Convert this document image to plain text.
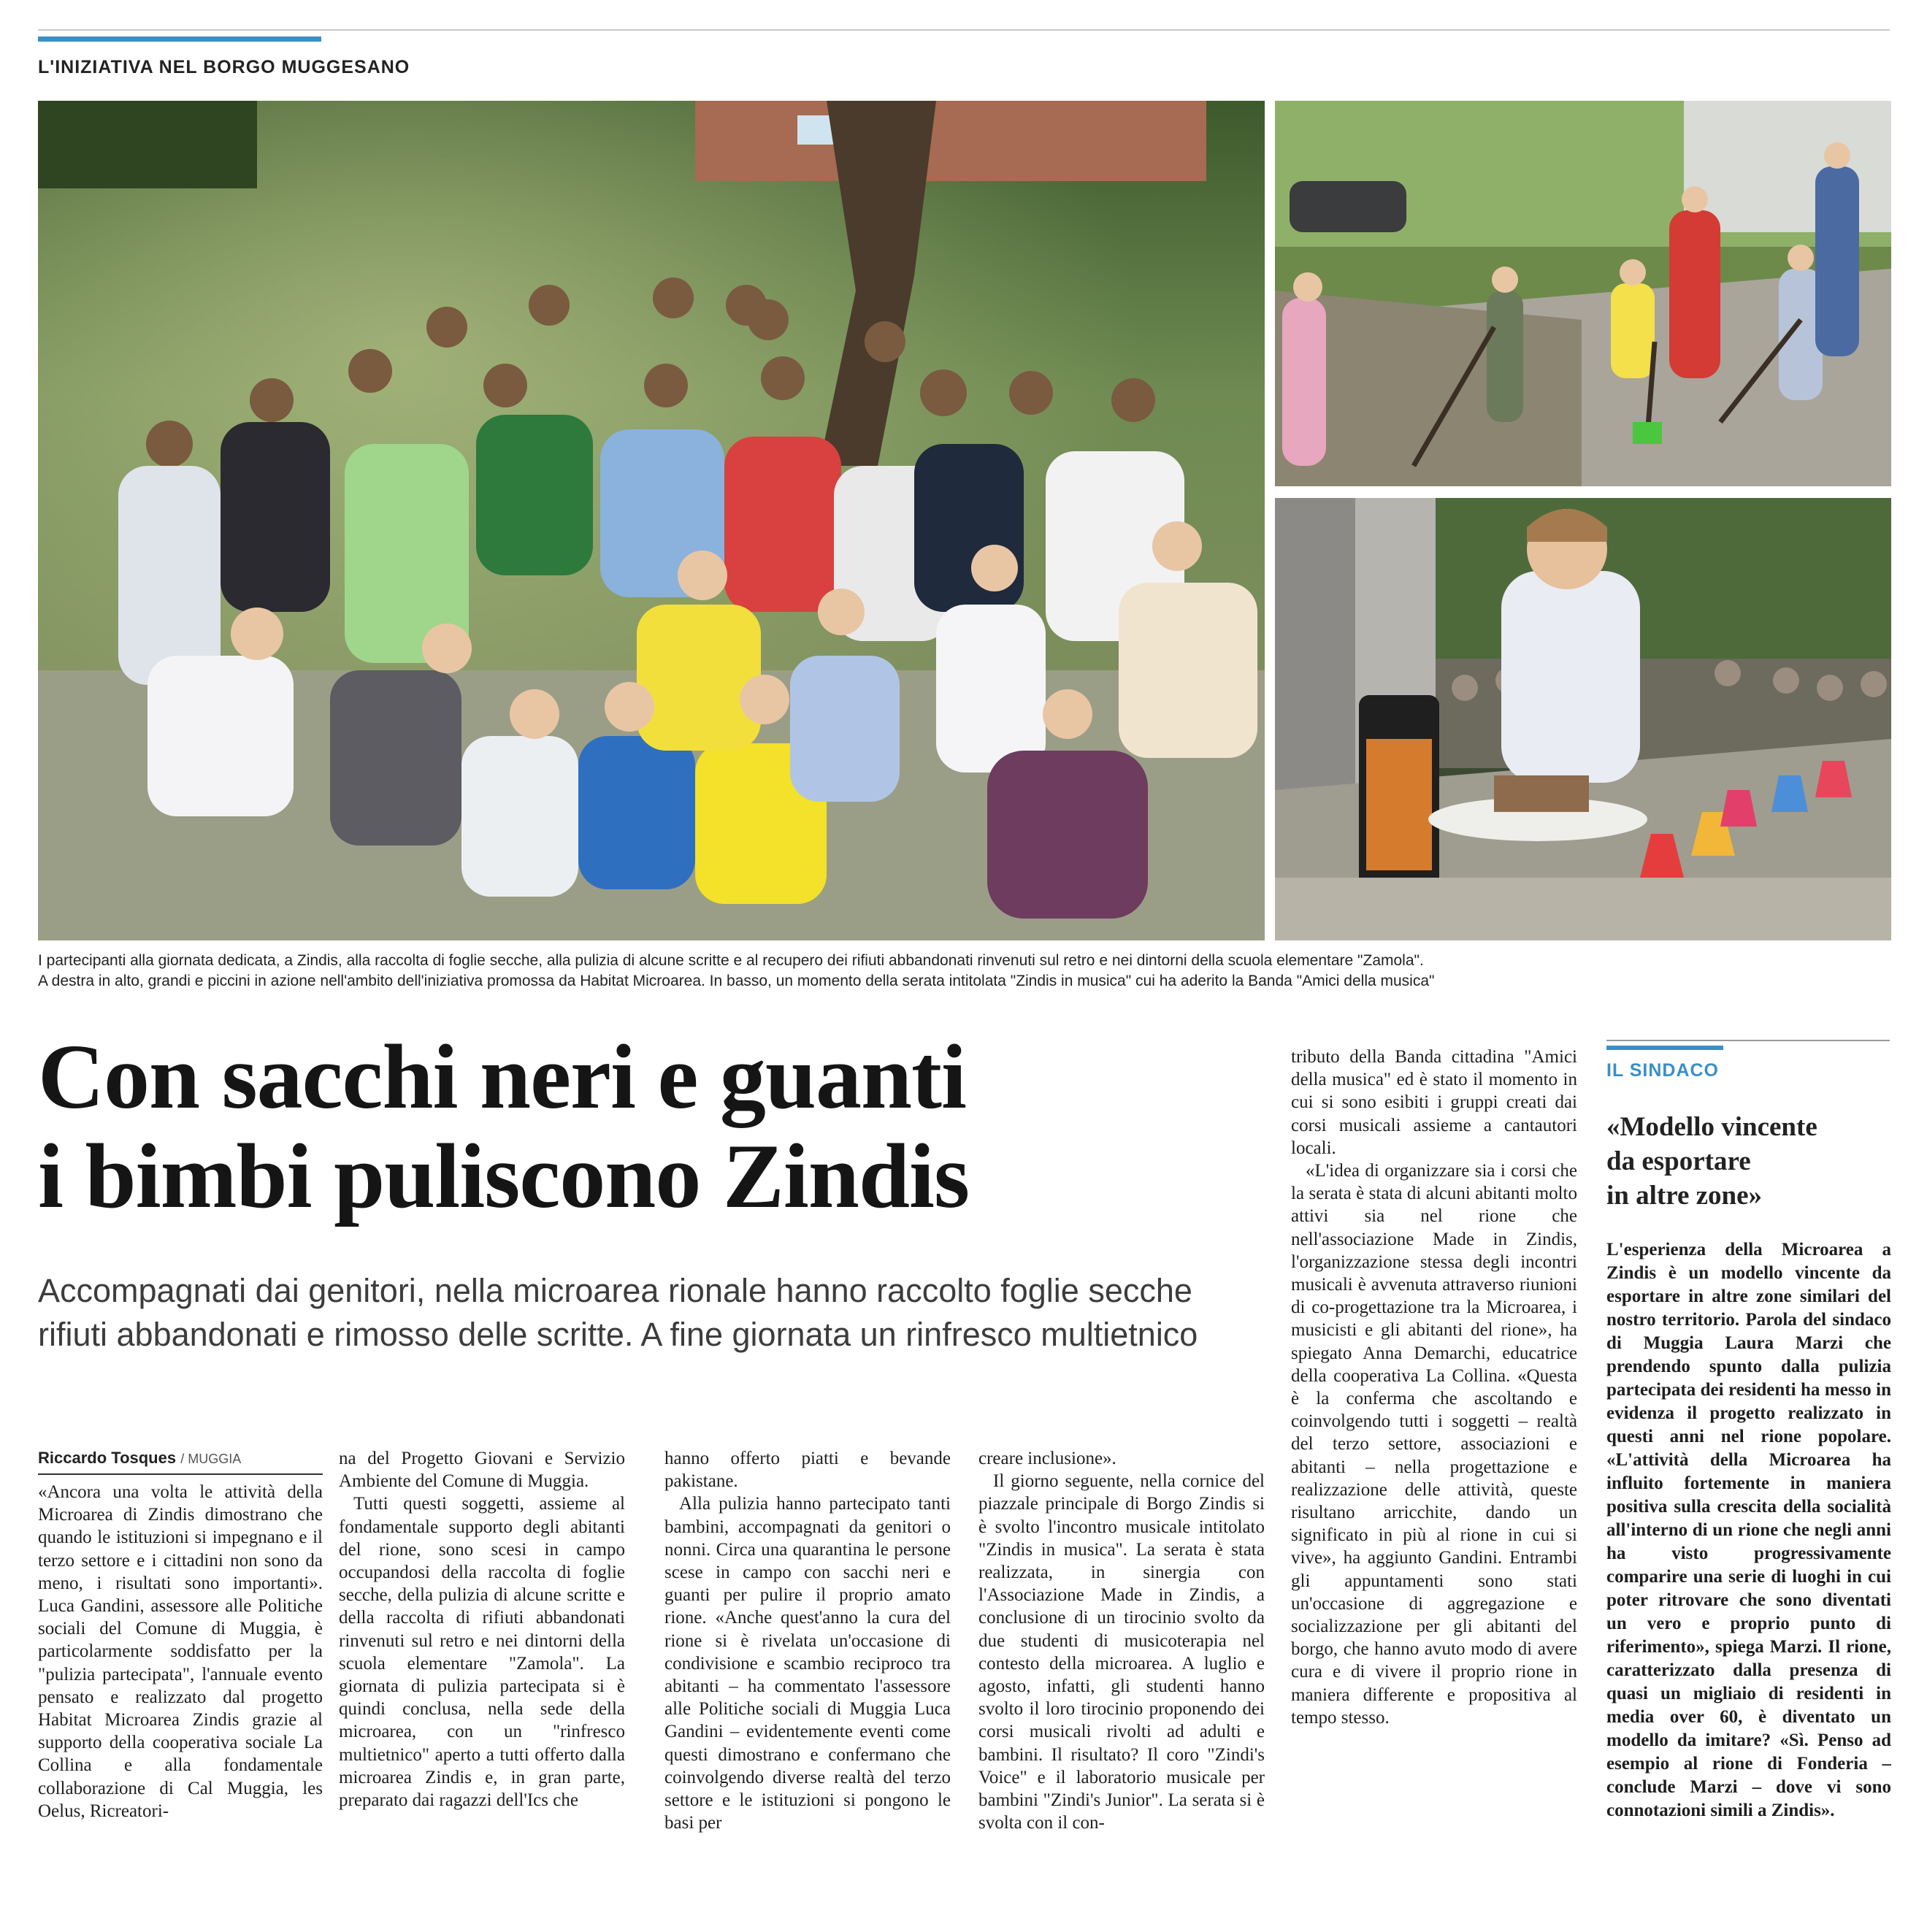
L'INIZIATIVA NEL BORGO MUGGESANO

I partecipanti alla giornata dedicata, a Zindis, alla raccolta di foglie secche, alla pulizia di alcune scritte e al recupero dei rifiuti abbandonati rinvenuti sul retro e nei dintorni della scuola elementare "Zamola".

A destra in alto, grandi e piccini in azione nell'ambito dell'iniziativa promossa da Habitat Microarea. In basso, un momento della serata intitolata "Zindis in musica" cui ha aderito la Banda "Amici della musica"

Con sacchi neri e guanti
i bimbi puliscono Zindis
Accompagnati dai genitori, nella microarea rionale hanno raccolto foglie secche
rifiuti abbandonati e rimosso delle scritte. A fine giornata un rinfresco multietnico
Riccardo Tosques / MUGGIA

«Ancora una volta le attività della Microarea di Zindis dimostrano che quando le istituzioni si impegnano e il terzo settore e i cittadini non sono da meno, i risultati sono importanti». Luca Gandini, assessore alle Politiche sociali del Comune di Muggia, è particolarmente soddisfatto per la "pulizia partecipata", l'annuale evento pensato e realizzato dal progetto Habitat Microarea Zindis grazie al supporto della cooperativa sociale La Collina e alla fondamentale collaborazione di Cal Muggia, les Oelus, Ricreatori-

na del Progetto Giovani e Servizio Ambiente del Comune di Muggia.

Tutti questi soggetti, assieme al fondamentale supporto degli abitanti del rione, sono scesi in campo occupandosi della raccolta di foglie secche, della pulizia di alcune scritte e della raccolta di rifiuti abbandonati rinvenuti sul retro e nei dintorni della scuola elementare "Zamola". La giornata di pulizia partecipata si è quindi conclusa, nella sede della microarea, con un "rinfresco multietnico" aperto a tutti offerto dalla microarea Zindis e, in gran parte, preparato dai ragazzi dell'Ics che

hanno offerto piatti e bevande pakistane.

Alla pulizia hanno partecipato tanti bambini, accompagnati da genitori o nonni. Circa una quarantina le persone scese in campo con sacchi neri e guanti per pulire il proprio amato rione. «Anche quest'anno la cura del rione si è rivelata un'occasione di condivisione e scambio reciproco tra abitanti – ha commentato l'assessore alle Politiche sociali di Muggia Luca Gandini – evidentemente eventi come questi dimostrano e confermano che coinvolgendo diverse realtà del terzo settore e le istituzioni si pongono le basi per

creare inclusione».

Il giorno seguente, nella cornice del piazzale principale di Borgo Zindis si è svolto l'incontro musicale intitolato "Zindis in musica". La serata è stata realizzata, in sinergia con l'Associazione Made in Zindis, a conclusione di un tirocinio svolto da due studenti di musicoterapia nel contesto della microarea. A luglio e agosto, infatti, gli studenti hanno svolto il loro tirocinio proponendo dei corsi musicali rivolti ad adulti e bambini. Il risultato? Il coro "Zindi's Voice" e il laboratorio musicale per bambini "Zindi's Junior". La serata si è svolta con il con-

tributo della Banda cittadina "Amici della musica" ed è stato il momento in cui si sono esibiti i gruppi creati dai corsi musicali assieme a cantautori locali.

«L'idea di organizzare sia i corsi che la serata è stata di alcuni abitanti molto attivi sia nel rione che nell'associazione Made in Zindis, l'organizzazione stessa degli incontri musicali è avvenuta attraverso riunioni di co-progettazione tra la Microarea, i musicisti e gli abitanti del rione», ha spiegato Anna Demarchi, educatrice della cooperativa La Collina. «Questa è la conferma che ascoltando e coinvolgendo tutti i soggetti – realtà del terzo settore, associazioni e abitanti – nella progettazione e realizzazione delle attività, queste risultano arricchite, dando un significato in più al rione in cui si vive», ha aggiunto Gandini. Entrambi gli appuntamenti sono stati un'occasione di aggregazione e socializzazione per gli abitanti del borgo, che hanno avuto modo di avere cura e di vivere il proprio rione in maniera differente e propositiva al tempo stesso.

IL SINDACO
«Modello vincente
da esportare
in altre zone»

L'esperienza della Microarea a Zindis è un modello vincente da esportare in altre zone similari del nostro territorio. Parola del sindaco di Muggia Laura Marzi che prendendo spunto dalla pulizia partecipata dei residenti ha messo in evidenza il progetto realizzato in questi anni nel rione popolare. «L'attività della Microarea ha influito fortemente in maniera positiva sulla crescita della socialità all'interno di un rione che negli anni ha visto progressivamente comparire una serie di luoghi in cui poter ritrovare che sono diventati un vero e proprio punto di riferimento», spiega Marzi. Il rione, caratterizzato dalla presenza di quasi un migliaio di residenti in media over 60, è diventato un modello da imitare? «Sì. Penso ad esempio al rione di Fonderia – conclude Marzi – dove vi sono connotazioni simili a Zindis».
